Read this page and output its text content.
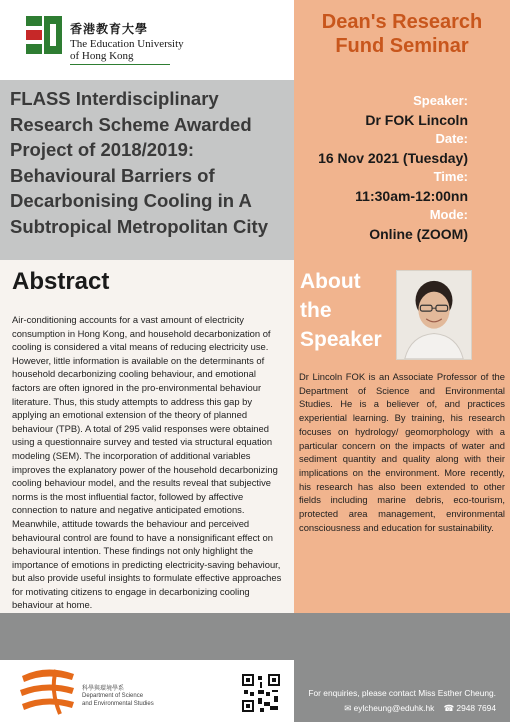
香港教育大學
The Education University
of Hong Kong
Dean's Research
Fund Seminar
FLASS Interdisciplinary
Research Scheme Awarded
Project of 2018/2019:
Behavioural Barriers of
Decarbonising Cooling in A
Subtropical Metropolitan City
Speaker:
Dr FOK Lincoln
Date:
16 Nov 2021 (Tuesday)
Time:
11:30am-12:00nn
Mode:
Online (ZOOM)
Abstract
Air-conditioning accounts for a vast amount of electricity consumption in Hong Kong, and household decarbonization of cooling is considered a vital means of reducing electricity use. However, little information is available on the determinants of household decarbonizing cooling behaviour, and emotional factors are often ignored in the pro-environmental behaviour literature. Thus, this study attempts to address this gap by applying an emotional extension of the theory of planned behaviour (TPB). A total of 295 valid responses were obtained using a questionnaire survey and tested via structural equation modeling (SEM). The incorporation of additional variables improves the explanatory power of the household decarbonizing cooling behaviour model, and the results reveal that subjective norms is the most influential factor, followed by affective connection to nature and negative anticipated emotions. Meanwhile, attitude towards the behaviour and perceived behavioural control are found to have a nonsignificant effect on behavioural intention. These findings not only highlight the importance of emotions in predicting electricity-saving behaviour, but also provide useful insights to formulate effective approaches for motivating citizens to engage in decarbonizing cooling behaviour at home.
About
the
Speaker
Dr Lincoln FOK is an Associate Professor of the Department of Science and Environmental Studies. He is a believer of, and practices experiential learning. By training, his research focuses on hydrology/ geomorphology with a particular concern on the impacts of water and sediment quantity and quality along with their implications on the environment. More recently, his research has also been extended to other fields including marine debris, eco-tourism, protected area management, environmental consciousness and education for sustainability.
科學與環境學系
Department of Science
and Environmental Studies
For enquiries, please contact Miss Esther Cheung.
✉ eylcheung@eduhk.hk ☎ 2948 7694
